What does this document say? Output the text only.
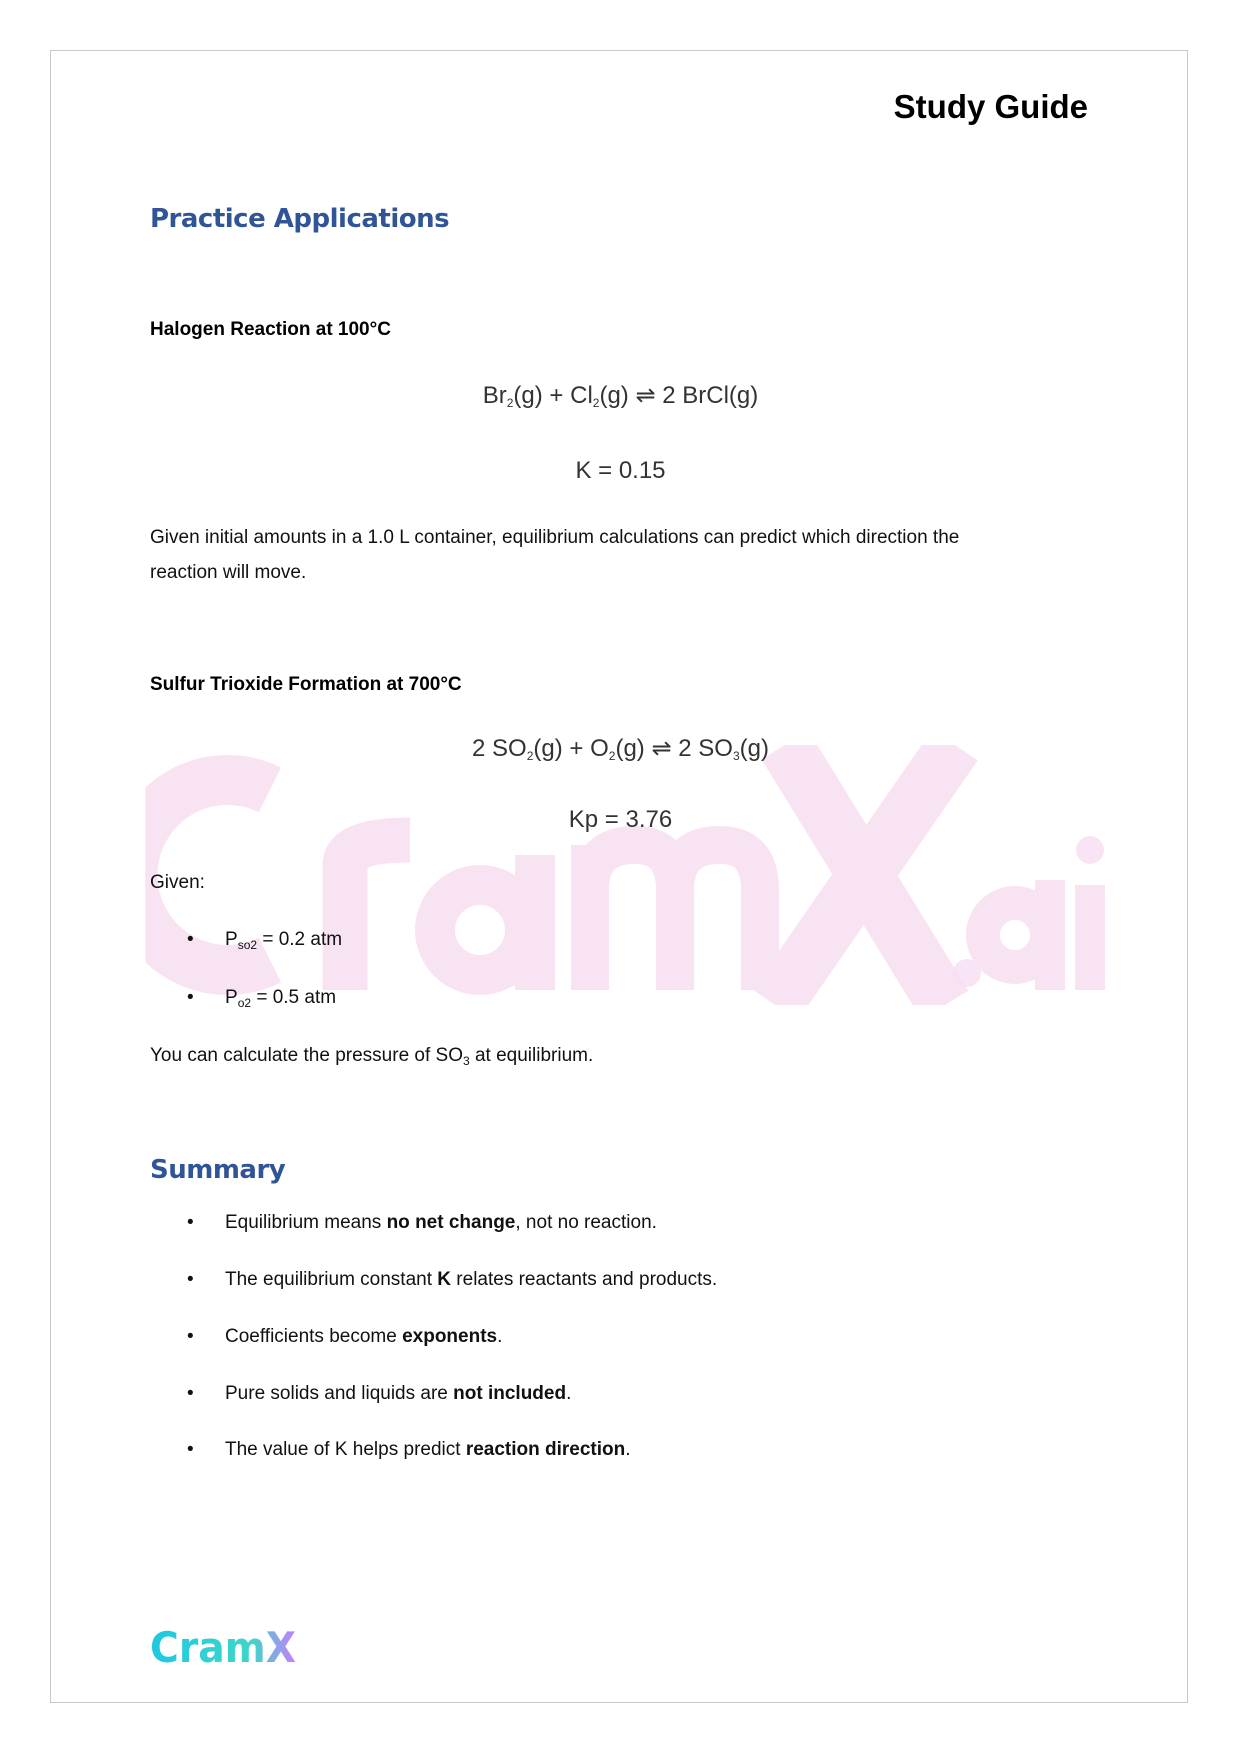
Study Guide
Practice Applications
Halogen Reaction at 100°C
$Br_2(g) + Cl_2(g)$ ⇌ 2 BrCl(g)
K = 0.15
Given initial amounts in a 1.0 L container, equilibrium calculations can predict which direction the
reaction will move.
Sulfur Trioxide Formation at 700°C
2 $SO_2(g) + O_2(g)$ ⇌ 2 $SO_3(g)$
Kp = 3.76
Given:
• $P_{so2} = 0.2$ atm
• $P_{o2} = 0.5$ atm
You can calculate the pressure of $SO_3$ at equilibrium.
Summary
• Equilibrium means no net change, not no reaction.
• The equilibrium constant K relates reactants and products.
• Coefficients become exponents.
• Pure solids and liquids are not included.
• The value of K helps predict reaction direction.
CramX
